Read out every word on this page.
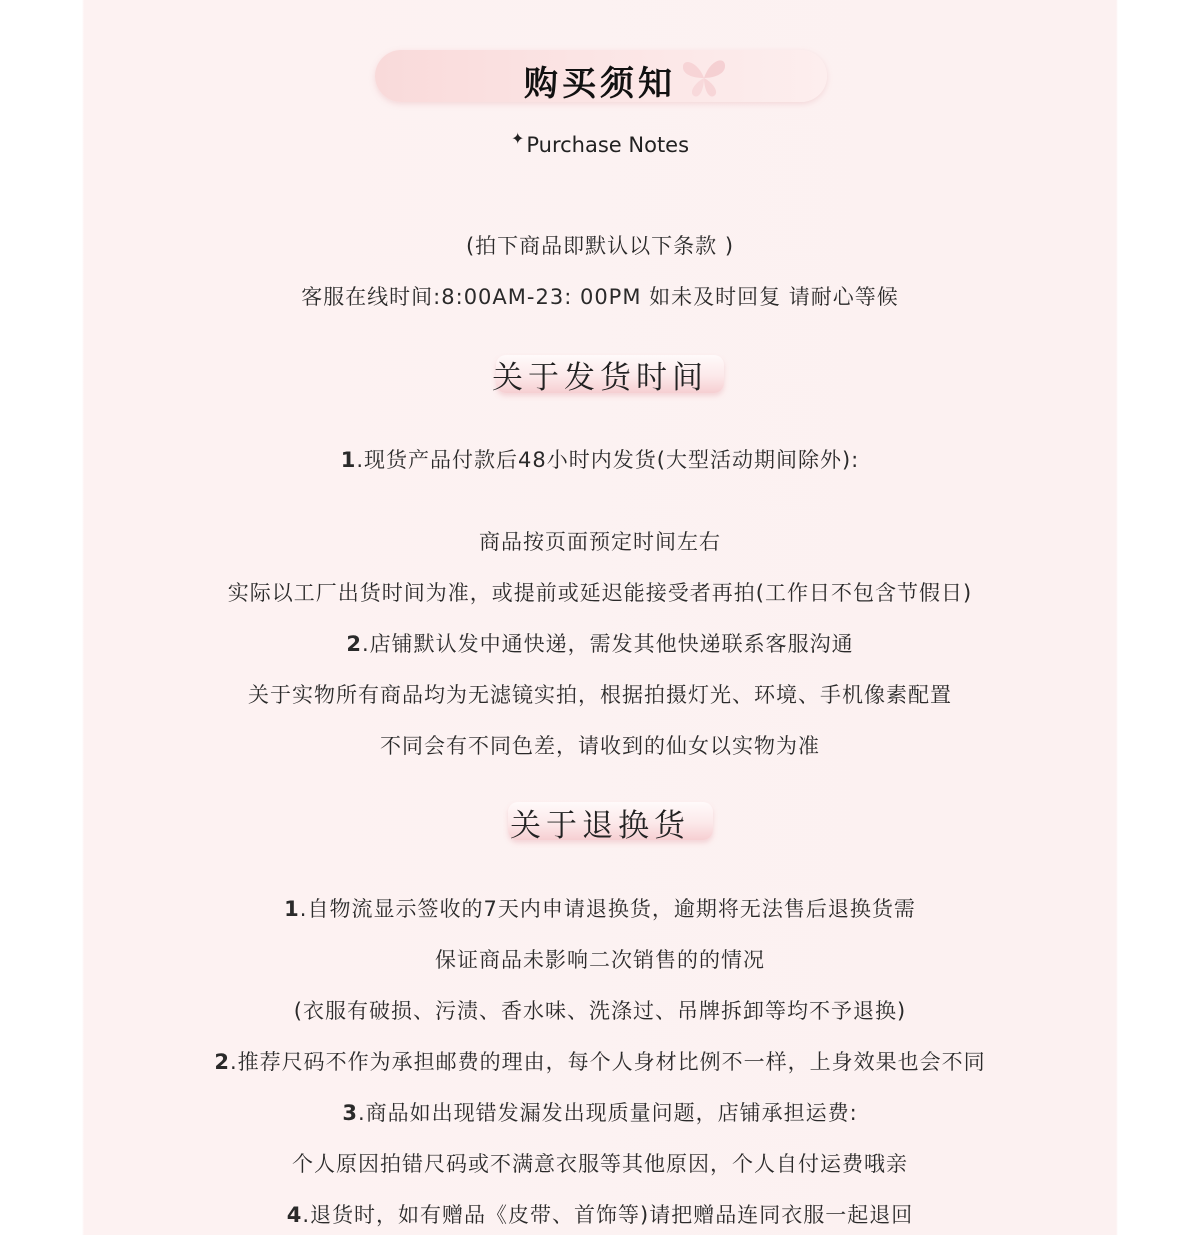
购买须知
✦Purchase Notes
(拍下商品即默认以下条款 )
客服在线时间:8:00AM-23: 00PM 如未及时回复 请耐心等候
关于发货时间
1.现货产品付款后48小时内发货(大型活动期间除外):
商品按页面预定时间左右
实际以工厂出货时间为准，或提前或延迟能接受者再拍(工作日不包含节假日)
2.店铺默认发中通快递，需发其他快递联系客服沟通
关于实物所有商品均为无滤镜实拍，根据拍摄灯光、环境、手机像素配置
不同会有不同色差，请收到的仙女以实物为准
关于退换货
1.自物流显示签收的7天内申请退换货，逾期将无法售后退换货需
保证商品未影响二次销售的的情况
(衣服有破损、污渍、香水味、洗涤过、吊牌拆卸等均不予退换)
2.推荐尺码不作为承担邮费的理由，每个人身材比例不一样，上身效果也会不同
3.商品如出现错发漏发出现质量问题，店铺承担运费:
个人原因拍错尺码或不满意衣服等其他原因，个人自付运费哦亲
4.退货时，如有赠品《皮带、首饰等)请把赠品连同衣服一起退回
